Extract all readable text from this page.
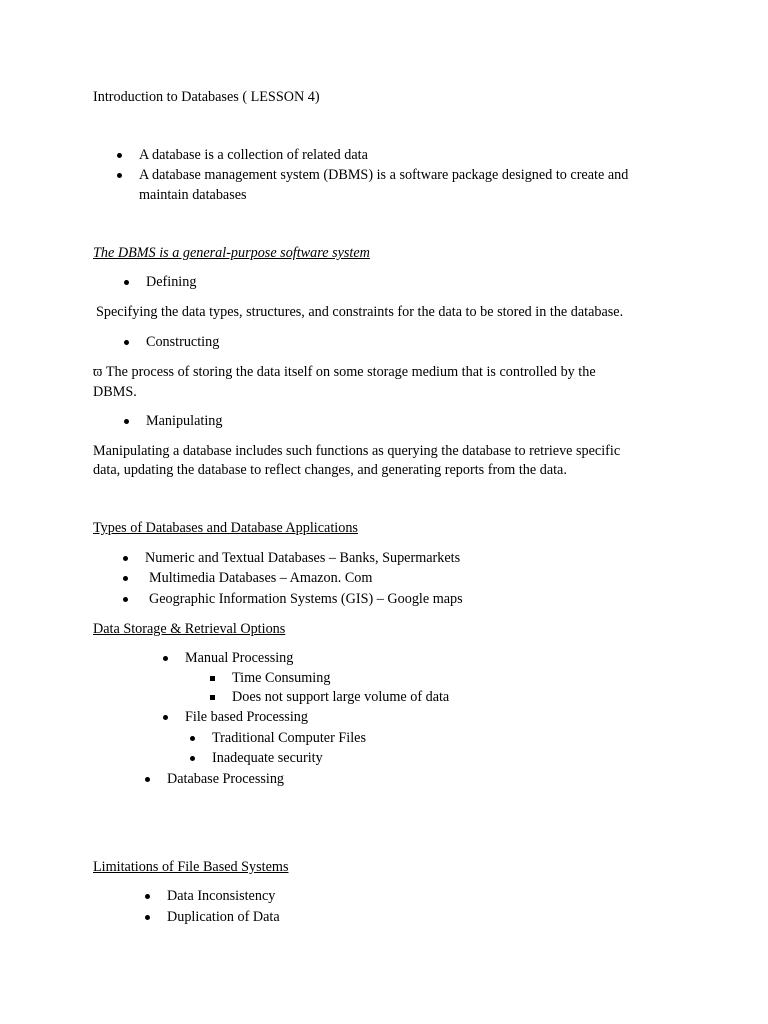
Introduction to Databases ( LESSON 4)
A database is a collection of related data
A database management system (DBMS) is a software package designed to create and
maintain databases
The DBMS is a general-purpose software system
Defining
Specifying the data types, structures, and constraints for the data to be stored in the database.
Constructing
ϖ The process of storing the data itself on some storage medium that is controlled by the
DBMS.
Manipulating
Manipulating a database includes such functions as querying the database to retrieve specific
data, updating the database to reflect changes, and generating reports from the data.
Types of Databases and Database Applications
Numeric and Textual Databases – Banks, Supermarkets
Multimedia Databases – Amazon. Com
Geographic Information Systems (GIS) – Google maps
Data Storage & Retrieval Options
Manual Processing
Time Consuming
Does not support large volume of data
File based Processing
Traditional Computer Files
Inadequate security
Database Processing
Limitations of File Based Systems
Data Inconsistency
Duplication of Data
